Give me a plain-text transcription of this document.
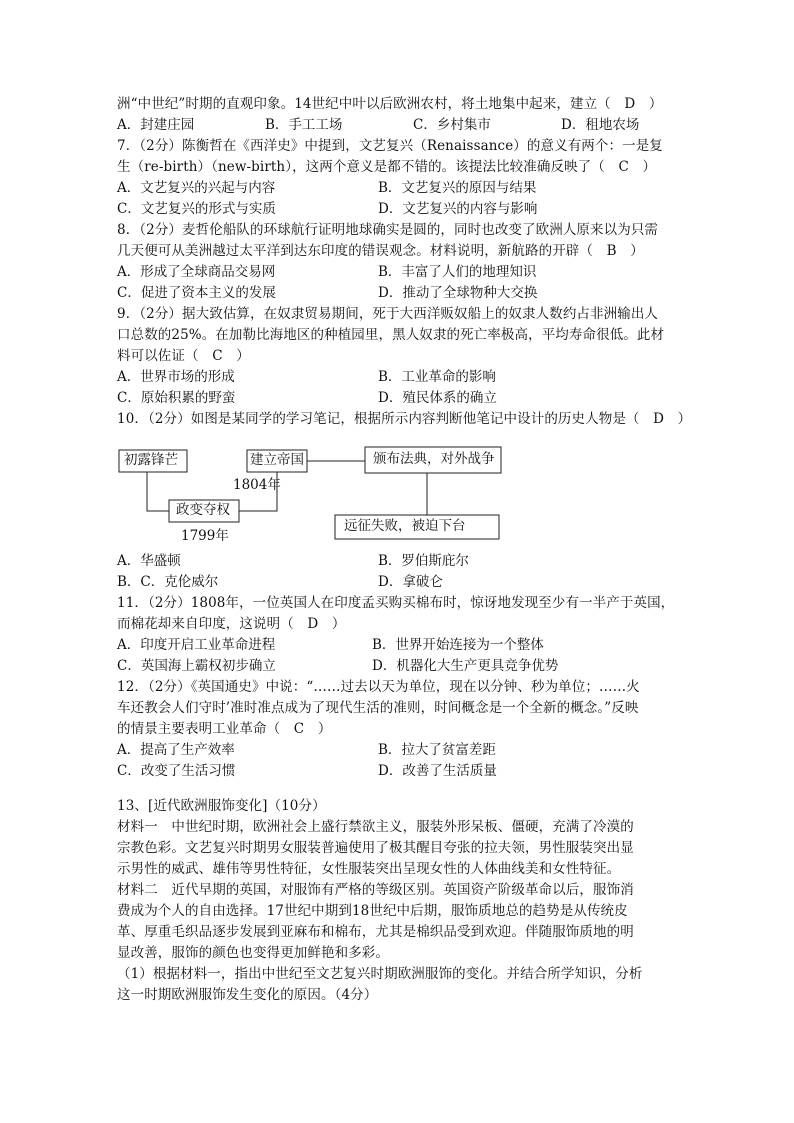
洲“中世纪”时期的直观印象。14世纪中叶以后欧洲农村，将土地集中起来，建立（　D　）
A．封建庄园	B．手工工场	C．乡村集市	D．租地农场
7．（2分）陈衡哲在《西洋史》中提到，文艺复兴（Renaissance）的意义有两个：一是复
生（re-birth）（new-birth），这两个意义是都不错的。该提法比较准确反映了（　C　）
A．文艺复兴的兴起与内容	B．文艺复兴的原因与结果
C．文艺复兴的形式与实质	D．文艺复兴的内容与影响
8．（2分）麦哲伦船队的环球航行证明地球确实是圆的，同时也改变了欧洲人原来以为只需
几天便可从美洲越过太平洋到达东印度的错误观念。材料说明，新航路的开辟（　B　）
A．形成了全球商品交易网	B．丰富了人们的地理知识
C．促进了资本主义的发展	D．推动了全球物种大交换
9．（2分）据大致估算，在奴隶贸易期间，死于大西洋贩奴船上的奴隶人数约占非洲输出人
口总数的25%。在加勒比海地区的种植园里，黑人奴隶的死亡率极高，平均寿命很低。此材
料可以佐证（　C　）
A．世界市场的形成	B．工业革命的影响
C．原始积累的野蛮	D．殖民体系的确立
10．（2分）如图是某同学的学习笔记，根据所示内容判断他笔记中设计的历史人物是（　D　）
初露锋芒
政变夺权
1799年
建立帝国
1804年
颁布法典，对外战争
远征失败，被迫下台
A．华盛顿	B．罗伯斯庇尔
B．C．克伦威尔	D．拿破仑
11．（2分）1808年，一位英国人在印度孟买购买棉布时，惊讶地发现至少有一半产于英国，
而棉花却来自印度，这说明（　D　）
A．印度开启工业革命进程	B．世界开始连接为一个整体
C．英国海上霸权初步确立	D．机器化大生产更具竞争优势
12．（2分）《英国通史》中说：“……过去以天为单位，现在以分钟、秒为单位；……火
车还教会人们守时’准时准点成为了现代生活的准则，时间概念是一个全新的概念。”反映
的情景主要表明工业革命（　C　）
A．提高了生产效率	B．拉大了贫富差距
C．改变了生活习惯	D．改善了生活质量
13、[近代欧洲服饰变化]（10分）
材料一　中世纪时期，欧洲社会上盛行禁欲主义，服装外形呆板、僵硬，充满了冷漠的
宗教色彩。文艺复兴时期男女服装普遍使用了极其醒目夸张的拉夫领，男性服装突出显
示男性的威武、雄伟等男性特征，女性服装突出呈现女性的人体曲线美和女性特征。
材料二　近代早期的英国，对服饰有严格的等级区别。英国资产阶级革命以后，服饰消
费成为个人的自由选择。17世纪中期到18世纪中后期，服饰质地总的趋势是从传统皮
革、厚重毛织品逐步发展到亚麻布和棉布，尤其是棉织品受到欢迎。伴随服饰质地的明
显改善，服饰的颜色也变得更加鲜艳和多彩。
（1）根据材料一，指出中世纪至文艺复兴时期欧洲服饰的变化。并结合所学知识，分析
这一时期欧洲服饰发生变化的原因。（4分）
